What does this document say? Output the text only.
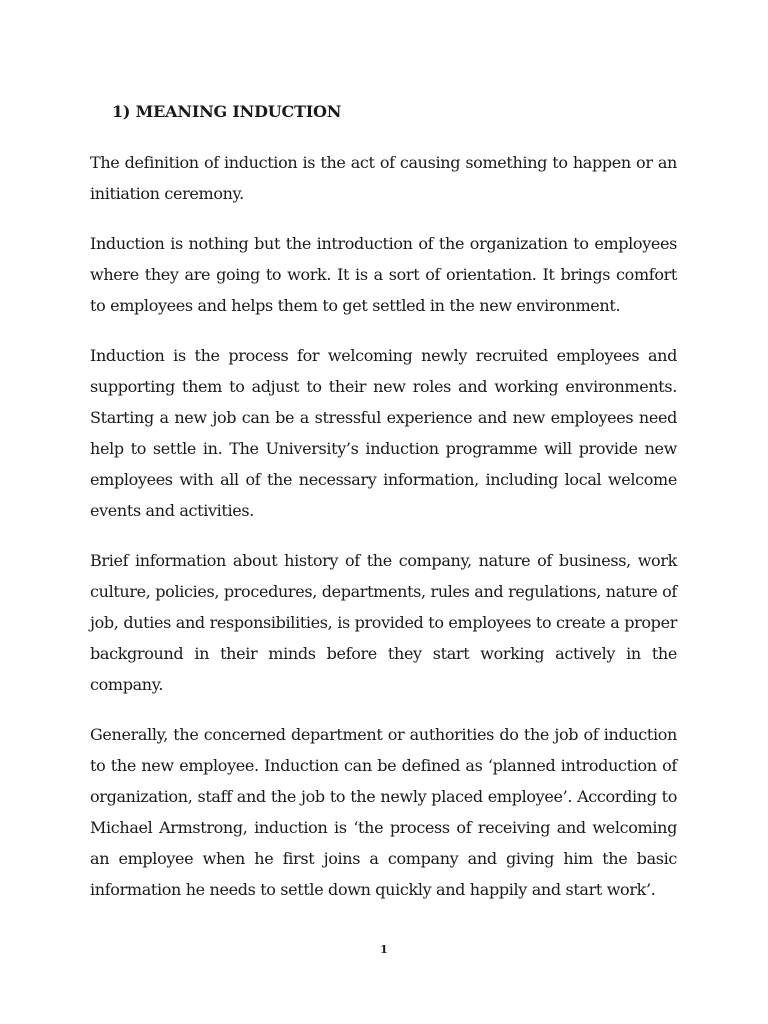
1) MEANING INDUCTION

The definition of induction is the act of causing something to happen or an initiation ceremony.

Induction is nothing but the introduction of the organization to employees where they are going to work. It is a sort of orientation. It brings comfort to employees and helps them to get settled in the new environment.

Induction is the process for welcoming newly recruited employees and supporting them to adjust to their new roles and working environments. Starting a new job can be a stressful experience and new employees need help to settle in. The University’s induction programme will provide new employees with all of the necessary information, including local welcome events and activities.

Brief information about history of the company, nature of business, work culture, policies, procedures, departments, rules and regulations, nature of job, duties and responsibilities, is provided to employees to create a proper background in their minds before they start working actively in the company.

Generally, the concerned department or authorities do the job of induction to the new employee. Induction can be defined as ‘planned introduction of organization, staff and the job to the newly placed employee’. According to Michael Armstrong, induction is ‘the process of receiving and welcoming an employee when he first joins a company and giving him the basic information he needs to settle down quickly and happily and start work’.

1
